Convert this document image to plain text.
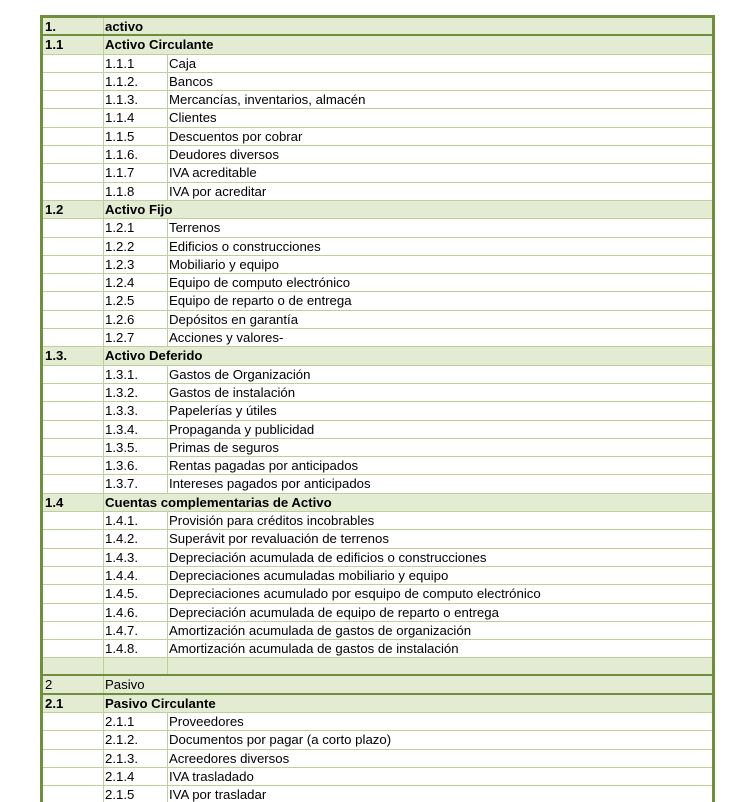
1.	activo
1.1	Activo Circulante
1.1.1	Caja
1.1.2.	Bancos
1.1.3.	Mercancías, inventarios, almacén
1.1.4	Clientes
1.1.5	Descuentos por cobrar
1.1.6.	Deudores diversos
1.1.7	IVA acreditable
1.1.8	IVA por acreditar
1.2	Activo Fijo
1.2.1	Terrenos
1.2.2	Edificios o construcciones
1.2.3	Mobiliario y equipo
1.2.4	Equipo de computo electrónico
1.2.5	Equipo de reparto o de entrega
1.2.6	Depósitos en garantía
1.2.7	Acciones y valores-
1.3.	Activo Deferido
1.3.1.	Gastos de Organización
1.3.2.	Gastos de instalación
1.3.3.	Papelerías y útiles
1.3.4.	Propaganda y publicidad
1.3.5.	Primas de seguros
1.3.6.	Rentas pagadas por anticipados
1.3.7.	Intereses pagados por anticipados
1.4	Cuentas complementarias de Activo
1.4.1.	Provisión para créditos incobrables
1.4.2.	Superávit por revaluación de terrenos
1.4.3.	Depreciación acumulada de edificios o construcciones
1.4.4.	Depreciaciones acumuladas mobiliario y equipo
1.4.5.	Depreciaciones acumulado por esquipo de computo electrónico
1.4.6.	Depreciación acumulada de equipo de reparto o entrega
1.4.7.	Amortización acumulada de gastos de organización
1.4.8.	Amortización acumulada de gastos de instalación
2	Pasivo
2.1	Pasivo Circulante
2.1.1	Proveedores
2.1.2.	Documentos por pagar (a corto plazo)
2.1.3.	Acreedores diversos
2.1.4	IVA trasladado
2.1.5	IVA por trasladar
